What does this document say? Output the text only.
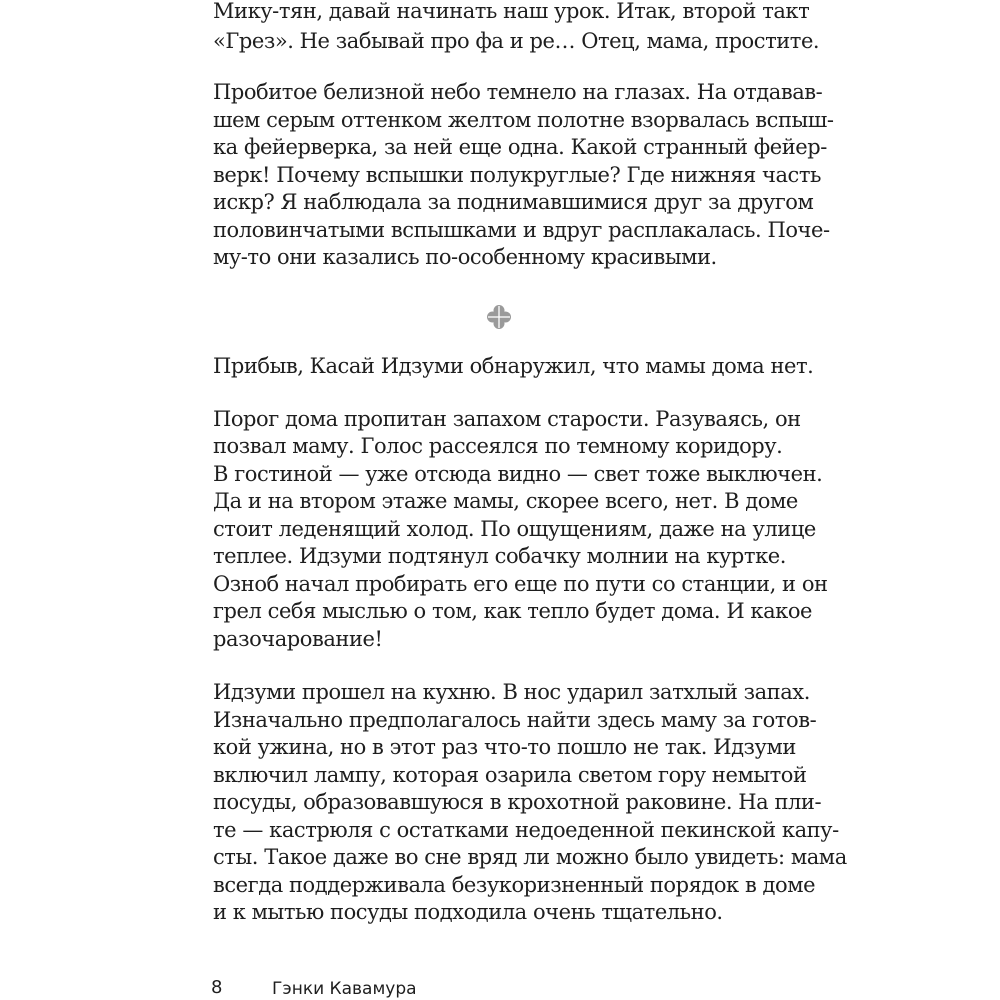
Мику-тян, давай начинать наш урок. Итак, второй такт
«Грез». Не забывай про фа и ре… Отец, мама, простите.
Пробитое белизной небо темнело на глазах. На отдавав-
шем серым оттенком желтом полотне взорвалась вспыш-
ка фейерверка, за ней еще одна. Какой странный фейер-
верк! Почему вспышки полукруглые? Где нижняя часть
искр? Я наблюдала за поднимавшимися друг за другом
половинчатыми вспышками и вдруг расплакалась. Поче-
му-то они казались по-особенному красивыми.
Прибыв, Касай Идзуми обнаружил, что мамы дома нет.
Порог дома пропитан запахом старости. Разуваясь, он
позвал маму. Голос рассеялся по темному коридору.
В гостиной — уже отсюда видно — свет тоже выключен.
Да и на втором этаже мамы, скорее всего, нет. В доме
стоит леденящий холод. По ощущениям, даже на улице
теплее. Идзуми подтянул собачку молнии на куртке.
Озноб начал пробирать его еще по пути со станции, и он
грел себя мыслью о том, как тепло будет дома. И какое
разочарование!
Идзуми прошел на кухню. В нос ударил затхлый запах.
Изначально предполагалось найти здесь маму за готов-
кой ужина, но в этот раз что-то пошло не так. Идзуми
включил лампу, которая озарила светом гору немытой
посуды, образовавшуюся в крохотной раковине. На пли-
те — кастрюля с остатками недоеденной пекинской капу-
сты. Такое даже во сне вряд ли можно было увидеть: мама
всегда поддерживала безукоризненный порядок в доме
и к мытью посуды подходила очень тщательно.
8	Гэнки Кавамура
